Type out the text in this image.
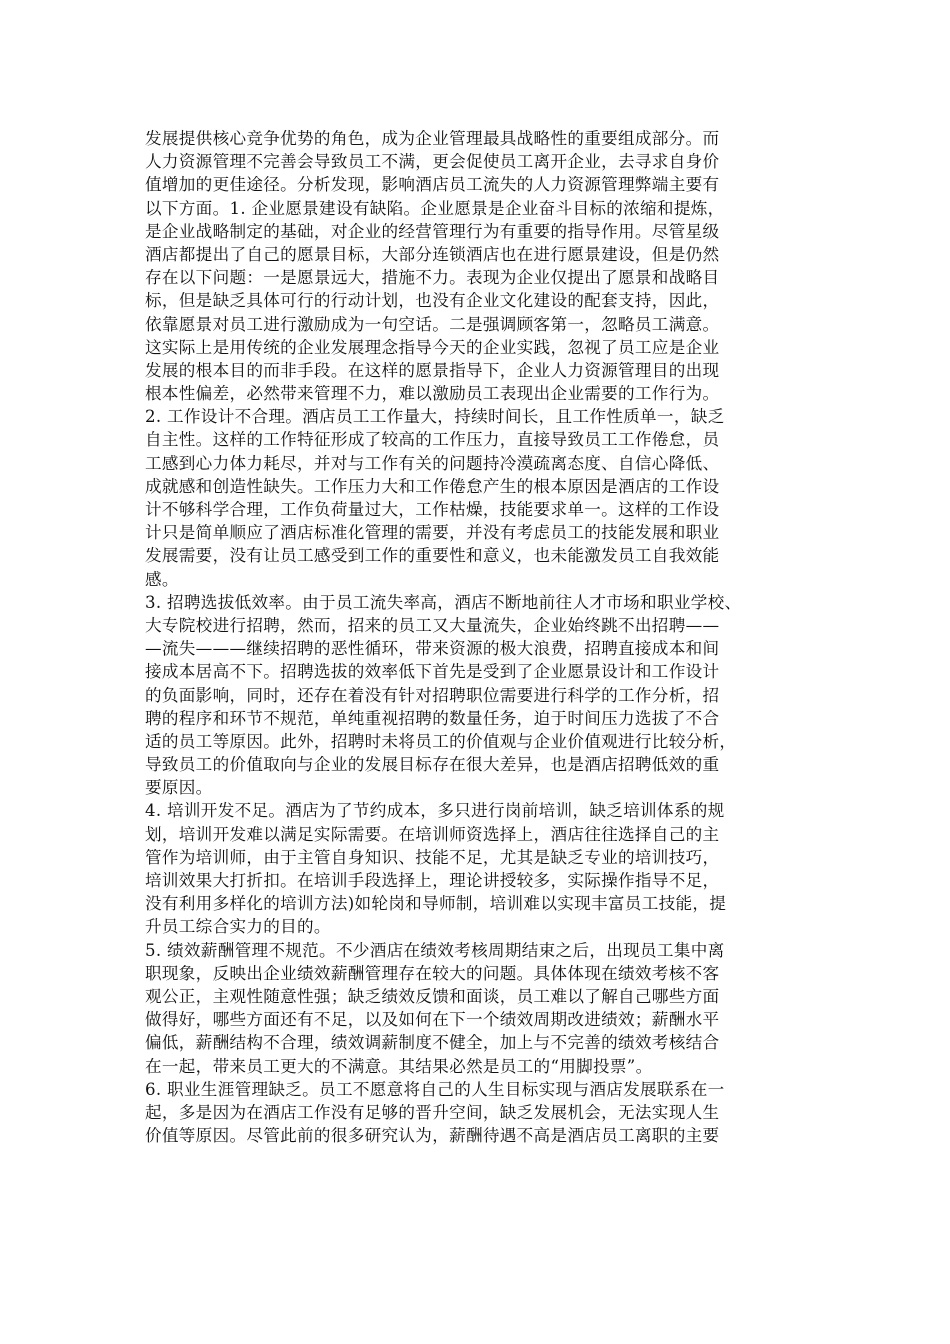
发展提供核心竞争优势的角色，成为企业管理最具战略性的重要组成部分。而
人力资源管理不完善会导致员工不满，更会促使员工离开企业，去寻求自身价
值增加的更佳途径。分析发现，影响酒店员工流失的人力资源管理弊端主要有
以下方面。1. 企业愿景建设有缺陷。企业愿景是企业奋斗目标的浓缩和提炼，
是企业战略制定的基础，对企业的经营管理行为有重要的指导作用。尽管星级
酒店都提出了自己的愿景目标，大部分连锁酒店也在进行愿景建设，但是仍然
存在以下问题：一是愿景远大，措施不力。表现为企业仅提出了愿景和战略目
标，但是缺乏具体可行的行动计划，也没有企业文化建设的配套支持，因此，
依靠愿景对员工进行激励成为一句空话。二是强调顾客第一，忽略员工满意。
这实际上是用传统的企业发展理念指导今天的企业实践，忽视了员工应是企业
发展的根本目的而非手段。在这样的愿景指导下，企业人力资源管理目的出现
根本性偏差，必然带来管理不力，难以激励员工表现出企业需要的工作行为。
2. 工作设计不合理。酒店员工工作量大，持续时间长，且工作性质单一，缺乏
自主性。这样的工作特征形成了较高的工作压力，直接导致员工工作倦怠，员
工感到心力体力耗尽，并对与工作有关的问题持冷漠疏离态度、自信心降低、
成就感和创造性缺失。工作压力大和工作倦怠产生的根本原因是酒店的工作设
计不够科学合理，工作负荷量过大，工作枯燥，技能要求单一。这样的工作设
计只是简单顺应了酒店标准化管理的需要，并没有考虑员工的技能发展和职业
发展需要，没有让员工感受到工作的重要性和意义，也未能激发员工自我效能
感。
3. 招聘选拔低效率。由于员工流失率高，酒店不断地前往人才市场和职业学校、
大专院校进行招聘，然而，招来的员工又大量流失，企业始终跳不出招聘——
—流失———继续招聘的恶性循环，带来资源的极大浪费，招聘直接成本和间
接成本居高不下。招聘选拔的效率低下首先是受到了企业愿景设计和工作设计
的负面影响，同时，还存在着没有针对招聘职位需要进行科学的工作分析，招
聘的程序和环节不规范，单纯重视招聘的数量任务，迫于时间压力选拔了不合
适的员工等原因。此外，招聘时未将员工的价值观与企业价值观进行比较分析，
导致员工的价值取向与企业的发展目标存在很大差异，也是酒店招聘低效的重
要原因。
4. 培训开发不足。酒店为了节约成本，多只进行岗前培训，缺乏培训体系的规
划，培训开发难以满足实际需要。在培训师资选择上，酒店往往选择自己的主
管作为培训师，由于主管自身知识、技能不足，尤其是缺乏专业的培训技巧，
培训效果大打折扣。在培训手段选择上，理论讲授较多，实际操作指导不足，
没有利用多样化的培训方法)如轮岗和导师制，培训难以实现丰富员工技能，提
升员工综合实力的目的。
5. 绩效薪酬管理不规范。不少酒店在绩效考核周期结束之后，出现员工集中离
职现象，反映出企业绩效薪酬管理存在较大的问题。具体体现在绩效考核不客
观公正，主观性随意性强；缺乏绩效反馈和面谈，员工难以了解自己哪些方面
做得好，哪些方面还有不足，以及如何在下一个绩效周期改进绩效；薪酬水平
偏低，薪酬结构不合理，绩效调薪制度不健全，加上与不完善的绩效考核结合
在一起，带来员工更大的不满意。其结果必然是员工的“用脚投票”。
6. 职业生涯管理缺乏。员工不愿意将自己的人生目标实现与酒店发展联系在一
起，多是因为在酒店工作没有足够的晋升空间，缺乏发展机会，无法实现人生
价值等原因。尽管此前的很多研究认为，薪酬待遇不高是酒店员工离职的主要
